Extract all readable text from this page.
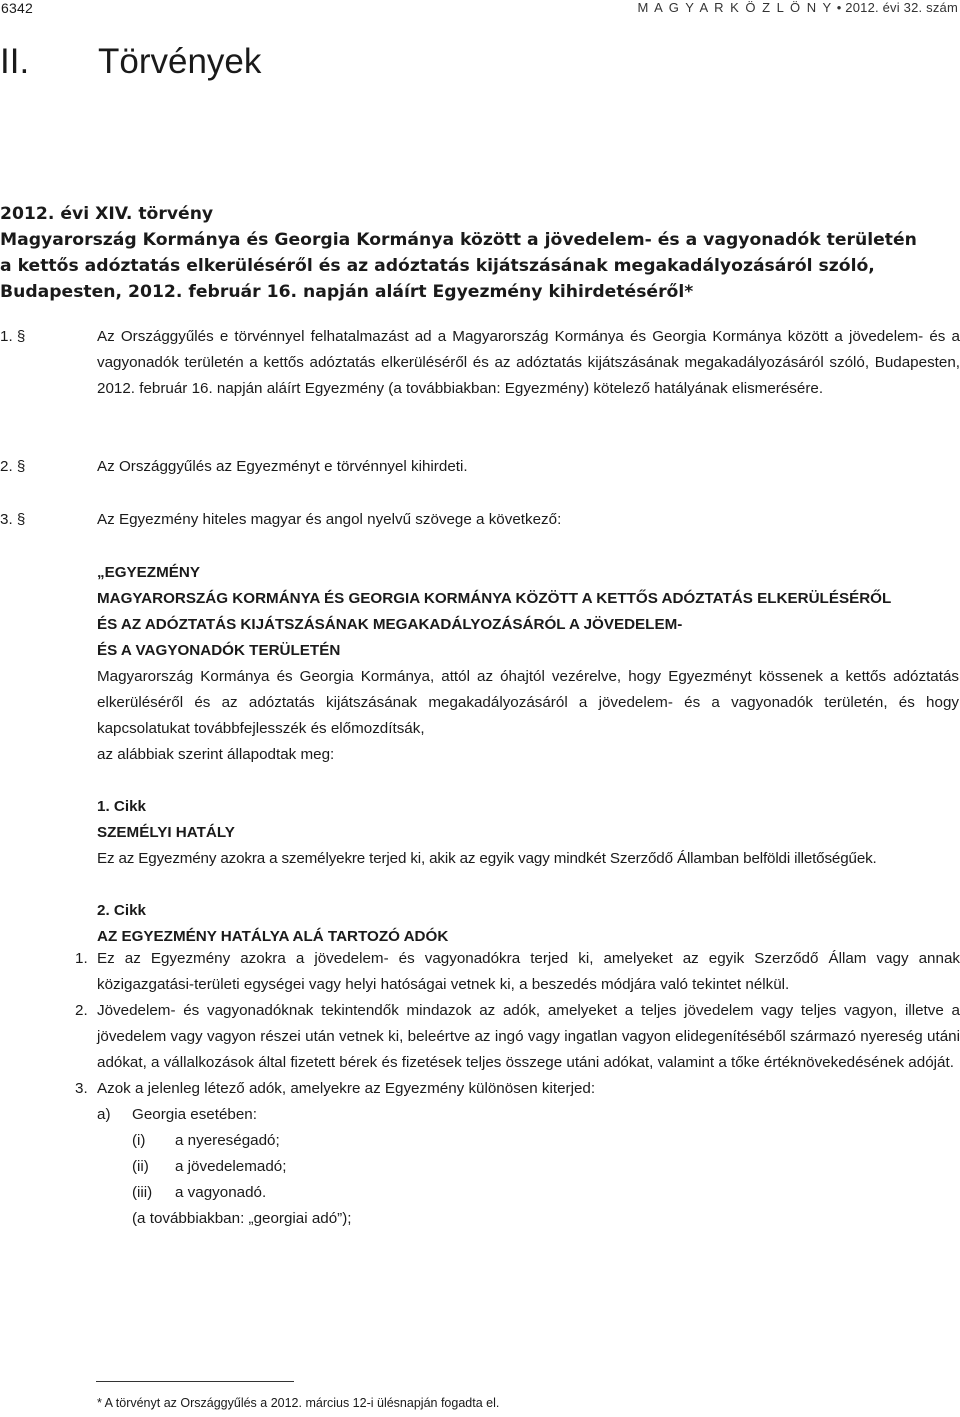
6342	M A G Y A R K Ö Z L Ö N Y • 2012. évi 32. szám
II.	Törvények
2012. évi XIV. törvény
Magyarország Kormánya és Georgia Kormánya között a jövedelem- és a vagyonadók területén
a kettős adóztatás elkerüléséről és az adóztatás kijátszásának megakadályozásáról szóló,
Budapesten, 2012. február 16. napján aláírt Egyezmény kihirdetéséről*
1. §	Az Országgyűlés e törvénnyel felhatalmazást ad a Magyarország Kormánya és Georgia Kormánya között a jövedelem- és a vagyonadók területén a kettős adóztatás elkerüléséről és az adóztatás kijátszásának megakadályozásáról szóló, Budapesten, 2012. február 16. napján aláírt Egyezmény (a továbbiakban: Egyezmény) kötelező hatályának elismerésére.
2. §	Az Országgyűlés az Egyezményt e törvénnyel kihirdeti.
3. §	Az Egyezmény hiteles magyar és angol nyelvű szövege a következő:
„EGYEZMÉNY
MAGYARORSZÁG KORMÁNYA ÉS GEORGIA KORMÁNYA KÖZÖTT A KETTŐS ADÓZTATÁS ELKERÜLÉSÉRŐL
ÉS AZ ADÓZTATÁS KIJÁTSZÁSÁNAK MEGAKADÁLYOZÁSÁRÓL A JÖVEDELEM-
ÉS A VAGYONADÓK TERÜLETÉN
Magyarország Kormánya és Georgia Kormánya, attól az óhajtól vezérelve, hogy Egyezményt kössenek a kettős adóztatás elkerüléséről és az adóztatás kijátszásának megakadályozásáról a jövedelem- és a vagyonadók területén, és hogy kapcsolatukat továbbfejlesszék és előmozdítsák,
az alábbiak szerint állapodtak meg:
1. Cikk
SZEMÉLYI HATÁLY
Ez az Egyezmény azokra a személyekre terjed ki, akik az egyik vagy mindkét Szerződő Államban belföldi illetőségűek.
2. Cikk
AZ EGYEZMÉNY HATÁLYA ALÁ TARTOZÓ ADÓK
1. Ez az Egyezmény azokra a jövedelem- és vagyonadókra terjed ki, amelyeket az egyik Szerződő Állam vagy annak közigazgatási-területi egységei vagy helyi hatóságai vetnek ki, a beszedés módjára való tekintet nélkül.
2. Jövedelem- és vagyonadóknak tekintendők mindazok az adók, amelyeket a teljes jövedelem vagy teljes vagyon, illetve a jövedelem vagy vagyon részei után vetnek ki, beleértve az ingó vagy ingatlan vagyon elidegenítéséből származó nyereség utáni adókat, a vállalkozások által fizetett bérek és fizetések teljes összege utáni adókat, valamint a tőke értéknövekedésének adóját.
3. Azok a jelenleg létező adók, amelyekre az Egyezmény különösen kiterjed:
a) Georgia esetében:
(i) a nyereségadó;
(ii) a jövedelemadó;
(iii) a vagyonadó.
(a továbbiakban: „georgiai adó”);
* A törvényt az Országgyűlés a 2012. március 12-i ülésnapján fogadta el.
